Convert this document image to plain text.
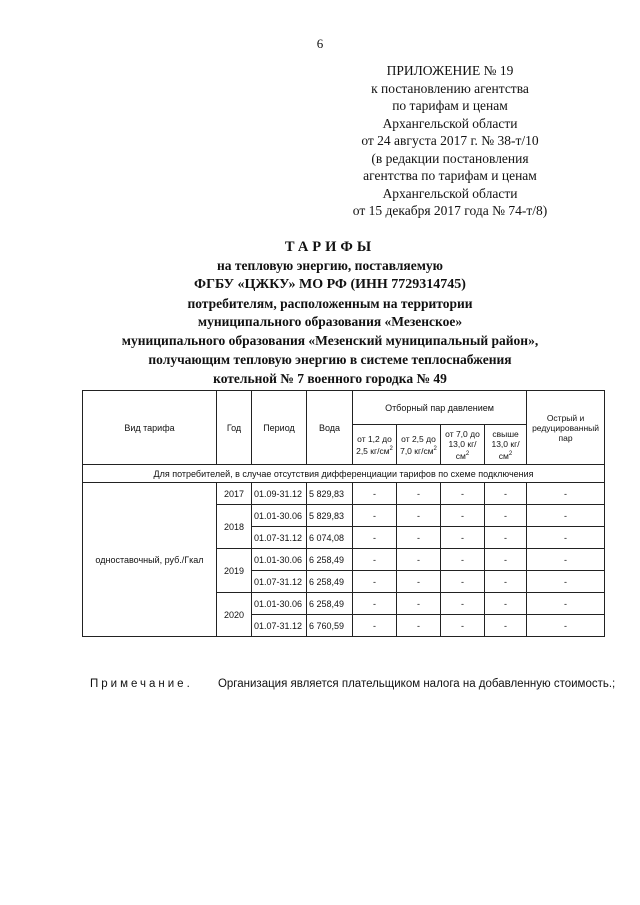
6
ПРИЛОЖЕНИЕ № 19
к постановлению агентства
по тарифам и ценам
Архангельской области
от 24 августа 2017 г. № 38-т/10
(в редакции постановления
агентства по тарифам и ценам
Архангельской области
от 15 декабря 2017 года № 74-т/8)
ТАРИФЫ
на тепловую энергию, поставляемую
ФГБУ «ЦЖКУ» МО РФ (ИНН 7729314745)
потребителям, расположенным на территории
муниципального образования «Мезенское»
муниципального образования «Мезенский муниципальный район»,
получающим тепловую энергию в системе теплоснабжения
котельной № 7 военного городка № 49
Вид тарифа	Год	Период	Вода	Отборный пар давлением				Острый и редуцированный пар
				от 1,2 до 2,5 $кг/см^2$	от 2,5 до 7,0 $кг/см^2$	от 7,0 до 13,0 $кг/см^2$	свыше 13,0 $кг/см^2$
Для потребителей, в случае отсутствия дифференциации тарифов по схеме подключения								
одноставочный, руб./Гкал	2017	01.09-31.12	5 829,83	-	-	-	-	-
	2018	01.01-30.06	5 829,83	-	-	-	-	-
		01.07-31.12	6 074,08	-	-	-	-	-
	2019	01.01-30.06	6 258,49	-	-	-	-	-
		01.07-31.12	6 258,49	-	-	-	-	-
	2020	01.01-30.06	6 258,49	-	-	-	-	-
		01.07-31.12	6 760,59	-	-	-	-	-
Примечание. Организация является плательщиком налога на добавленную стоимость.;
